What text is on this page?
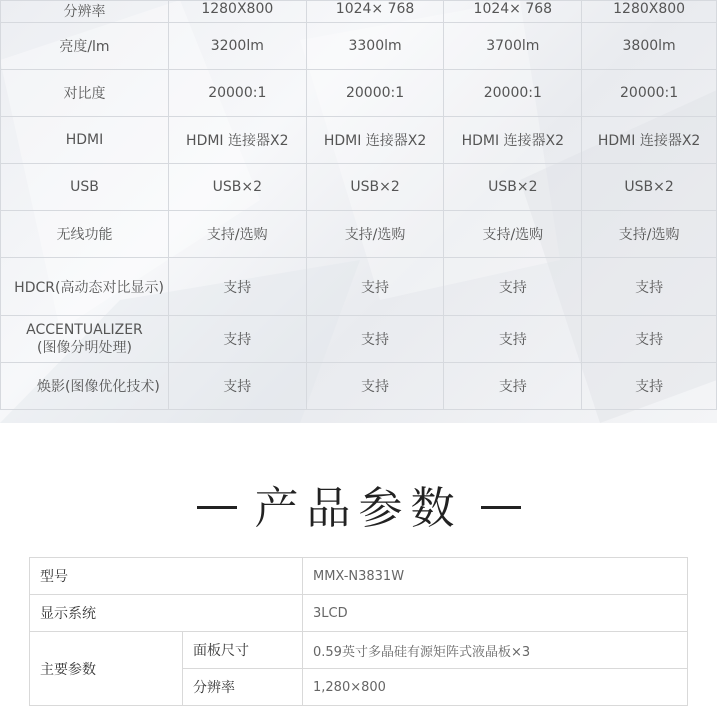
分辨率	1280X800	1024× 768	1024× 768	1280X800
亮度/lm	3200lm	3300lm	3700lm	3800lm
对比度	20000:1	20000:1	20000:1	20000:1
HDMI	HDMI 连接器X2	HDMI 连接器X2	HDMI 连接器X2	HDMI 连接器X2
USB	USB×2	USB×2	USB×2	USB×2
无线功能	支持/选购	支持/选购	支持/选购	支持/选购
HDCR(高动态对比显示)	支持	支持	支持	支持

ACCENTUALIZER
(图像分明处理)	支持	支持	支持	支持
焕影(图像优化技术)	支持	支持	支持	支持
产品参数
型号		MMX-N3831W
显示系统		3LCD
主要参数	面板尺寸	0.59英寸多晶硅有源矩阵式液晶板×3
	分辨率	1,280×800
